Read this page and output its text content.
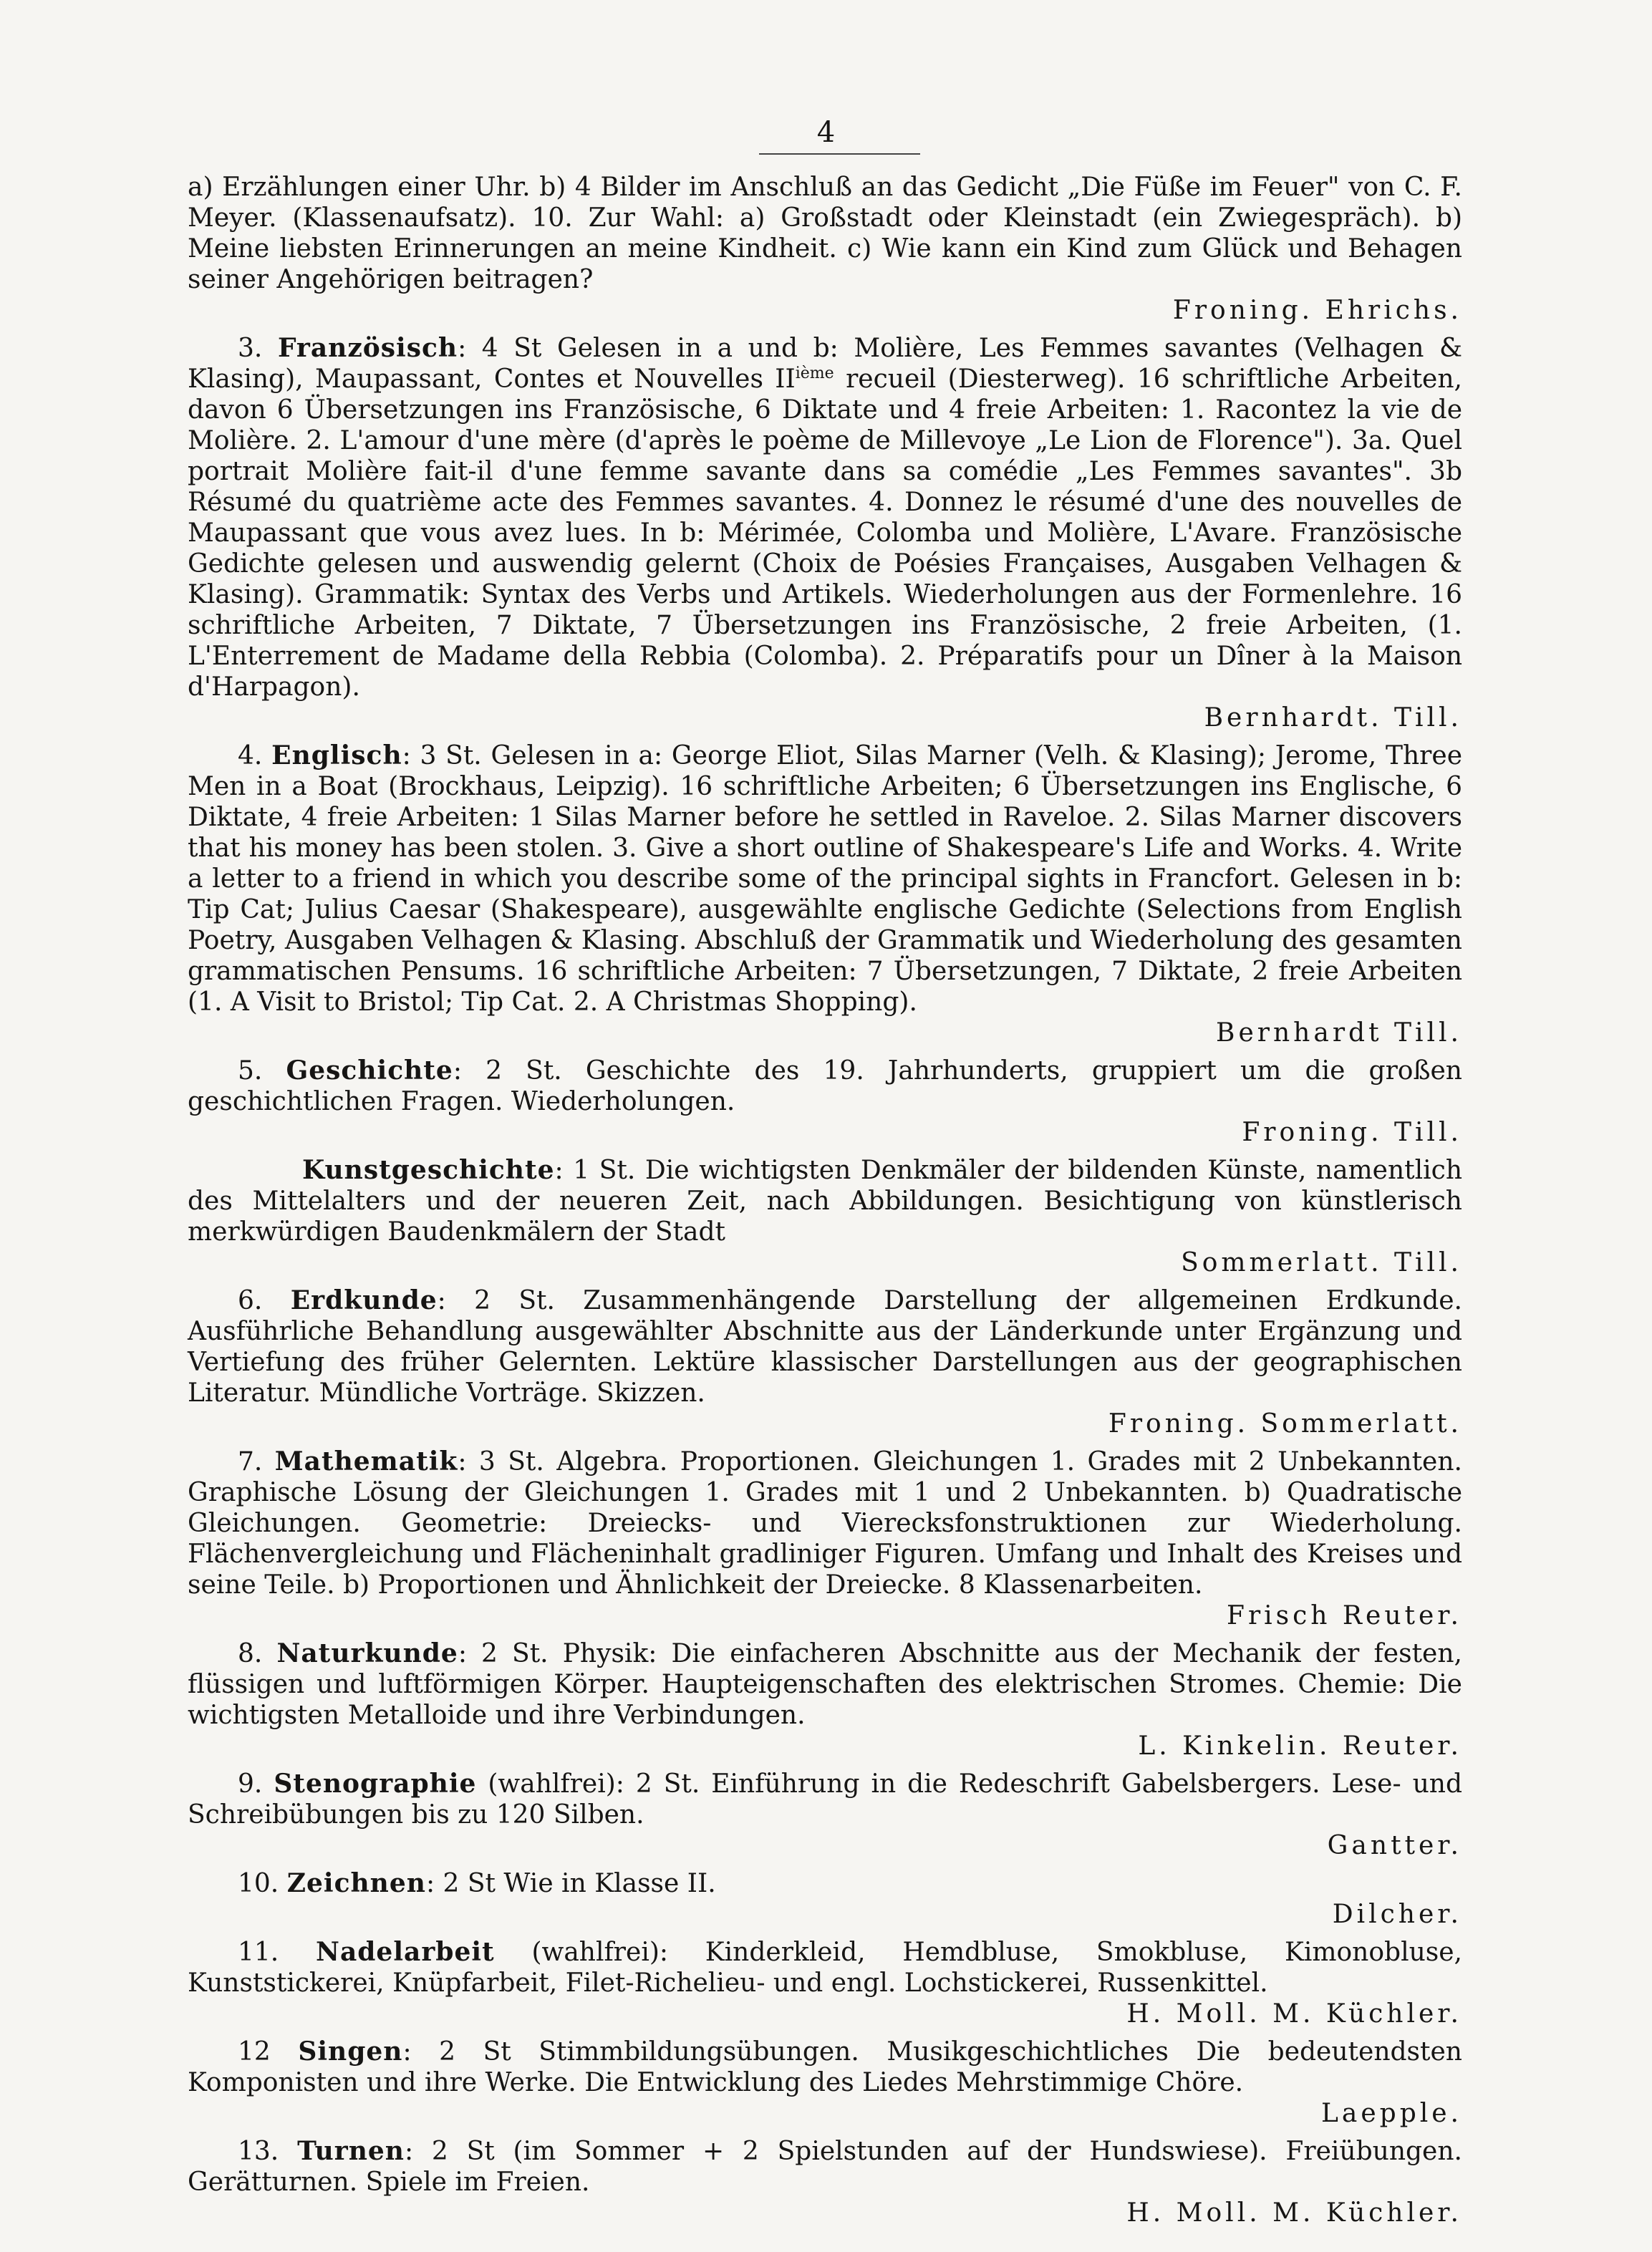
4

a) Erzählungen einer Uhr. b) 4 Bilder im Anschluß an das Gedicht „Die Füße im Feuer" von C. F. Meyer. (Klassenaufsatz). 10. Zur Wahl: a) Großstadt oder Kleinstadt (ein Zwiegespräch). b) Meine liebsten Erinnerungen an meine Kindheit. c) Wie kann ein Kind zum Glück und Behagen seiner Angehörigen beitragen?
Froning. Ehrichs.

3. Französisch: 4 St Gelesen in a und b: Molière, Les Femmes savantes (Velhagen & Klasing), Maupassant, Contes et Nouvelles IIième recueil (Diesterweg). 16 schriftliche Arbeiten, davon 6 Übersetzungen ins Französische, 6 Diktate und 4 freie Arbeiten: 1. Racontez la vie de Molière. 2. L'amour d'une mère (d'après le poème de Millevoye „Le Lion de Florence"). 3a. Quel portrait Molière fait-il d'une femme savante dans sa comédie „Les Femmes savantes". 3b Résumé du quatrième acte des Femmes savantes. 4. Donnez le résumé d'une des nouvelles de Maupassant que vous avez lues. In b: Mérimée, Colomba und Molière, L'Avare. Französische Gedichte gelesen und auswendig gelernt (Choix de Poésies Françaises, Ausgaben Velhagen & Klasing). Grammatik: Syntax des Verbs und Artikels. Wiederholungen aus der Formenlehre. 16 schriftliche Arbeiten, 7 Diktate, 7 Übersetzungen ins Französische, 2 freie Arbeiten, (1. L'Enterrement de Madame della Rebbia (Colomba). 2. Préparatifs pour un Dîner à la Maison d'Harpagon).
Bernhardt. Till.

4. Englisch: 3 St. Gelesen in a: George Eliot, Silas Marner (Velh. & Klasing); Jerome, Three Men in a Boat (Brockhaus, Leipzig). 16 schriftliche Arbeiten; 6 Übersetzungen ins Englische, 6 Diktate, 4 freie Arbeiten: 1 Silas Marner before he settled in Raveloe. 2. Silas Marner discovers that his money has been stolen. 3. Give a short outline of Shakespeare's Life and Works. 4. Write a letter to a friend in which you describe some of the principal sights in Francfort. Gelesen in b: Tip Cat; Julius Caesar (Shakespeare), ausgewählte englische Gedichte (Selections from English Poetry, Ausgaben Velhagen & Klasing. Abschluß der Grammatik und Wiederholung des gesamten grammatischen Pensums. 16 schriftliche Arbeiten: 7 Übersetzungen, 7 Diktate, 2 freie Arbeiten (1. A Visit to Bristol; Tip Cat. 2. A Christmas Shopping).
Bernhardt Till.

5. Geschichte: 2 St. Geschichte des 19. Jahrhunderts, gruppiert um die großen geschichtlichen Fragen. Wiederholungen.
Froning. Till.

Kunstgeschichte: 1 St. Die wichtigsten Denkmäler der bildenden Künste, namentlich des Mittelalters und der neueren Zeit, nach Abbildungen. Besichtigung von künstlerisch merkwürdigen Baudenkmälern der Stadt
Sommerlatt. Till.

6. Erdkunde: 2 St. Zusammenhängende Darstellung der allgemeinen Erdkunde. Ausführliche Behandlung ausgewählter Abschnitte aus der Länderkunde unter Ergänzung und Vertiefung des früher Gelernten. Lektüre klassischer Darstellungen aus der geographischen Literatur. Mündliche Vorträge. Skizzen.
Froning. Sommerlatt.

7. Mathematik: 3 St. Algebra. Proportionen. Gleichungen 1. Grades mit 2 Unbekannten. Graphische Lösung der Gleichungen 1. Grades mit 1 und 2 Unbekannten. b) Quadratische Gleichungen. Geometrie: Dreiecks- und Vierecksfonstruktionen zur Wiederholung. Flächenvergleichung und Flächeninhalt gradliniger Figuren. Umfang und Inhalt des Kreises und seine Teile. b) Proportionen und Ähnlichkeit der Dreiecke. 8 Klassenarbeiten.
Frisch Reuter.

8. Naturkunde: 2 St. Physik: Die einfacheren Abschnitte aus der Mechanik der festen, flüssigen und luftförmigen Körper. Haupteigenschaften des elektrischen Stromes. Chemie: Die wichtigsten Metalloide und ihre Verbindungen.
L. Kinkelin. Reuter.

9. Stenographie (wahlfrei): 2 St. Einführung in die Redeschrift Gabelsbergers. Lese- und Schreibübungen bis zu 120 Silben.
Gantter.

10. Zeichnen: 2 St Wie in Klasse II.
Dilcher.

11. Nadelarbeit (wahlfrei): Kinderkleid, Hemdbluse, Smokbluse, Kimonobluse, Kunststickerei, Knüpfarbeit, Filet-Richelieu- und engl. Lochstickerei, Russenkittel.
H. Moll. M. Küchler.

12 Singen: 2 St Stimmbildungsübungen. Musikgeschichtliches Die bedeutendsten Komponisten und ihre Werke. Die Entwicklung des Liedes Mehrstimmige Chöre.
Laepple.

13. Turnen: 2 St (im Sommer + 2 Spielstunden auf der Hundswiese). Freiübungen. Gerätturnen. Spiele im Freien.
H. Moll. M. Küchler.
